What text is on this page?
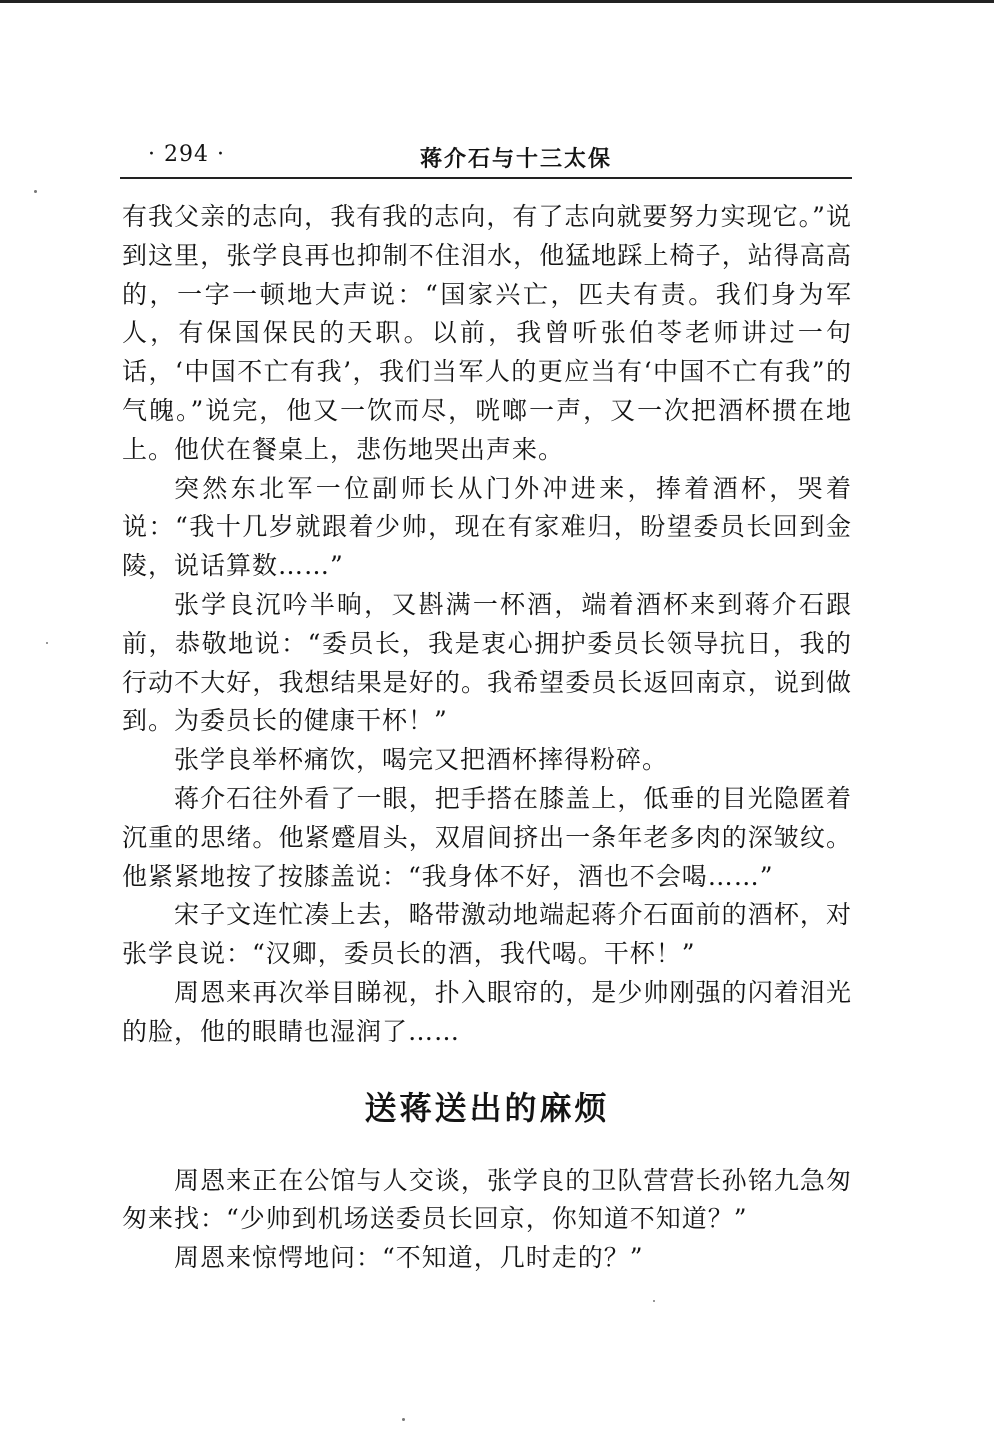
· 294 ·	蒋介石与十三太保

有我父亲的志向，我有我的志向，有了志向就要努力实现它。”说到这里，张学良再也抑制不住泪水，他猛地踩上椅子，站得高高的，一字一顿地大声说：“国家兴亡，匹夫有责。我们身为军人，有保国保民的天职。以前，我曾听张伯苓老师讲过一句话，‘中国不亡有我’，我们当军人的更应当有‘中国不亡有我”的气魄。”说完，他又一饮而尽，咣啷一声，又一次把酒杯掼在地上。他伏在餐桌上，悲伤地哭出声来。

突然东北军一位副师长从门外冲进来，捧着酒杯，哭着说：“我十几岁就跟着少帅，现在有家难归，盼望委员长回到金陵，说话算数……”

张学良沉吟半晌，又斟满一杯酒，端着酒杯来到蒋介石跟前，恭敬地说：“委员长，我是衷心拥护委员长领导抗日，我的行动不大好，我想结果是好的。我希望委员长返回南京，说到做到。为委员长的健康干杯！”

张学良举杯痛饮，喝完又把酒杯摔得粉碎。

蒋介石往外看了一眼，把手搭在膝盖上，低垂的目光隐匿着沉重的思绪。他紧蹙眉头，双眉间挤出一条年老多肉的深皱纹。他紧紧地按了按膝盖说：“我身体不好，酒也不会喝……”

宋子文连忙凑上去，略带激动地端起蒋介石面前的酒杯，对张学良说：“汉卿，委员长的酒，我代喝。干杯！”

周恩来再次举目睇视，扑入眼帘的，是少帅刚强的闪着泪光的脸，他的眼睛也湿润了……

送蒋送出的麻烦

周恩来正在公馆与人交谈，张学良的卫队营营长孙铭九急匆匆来找：“少帅到机场送委员长回京，你知道不知道？”

周恩来惊愕地问：“不知道，几时走的？”
